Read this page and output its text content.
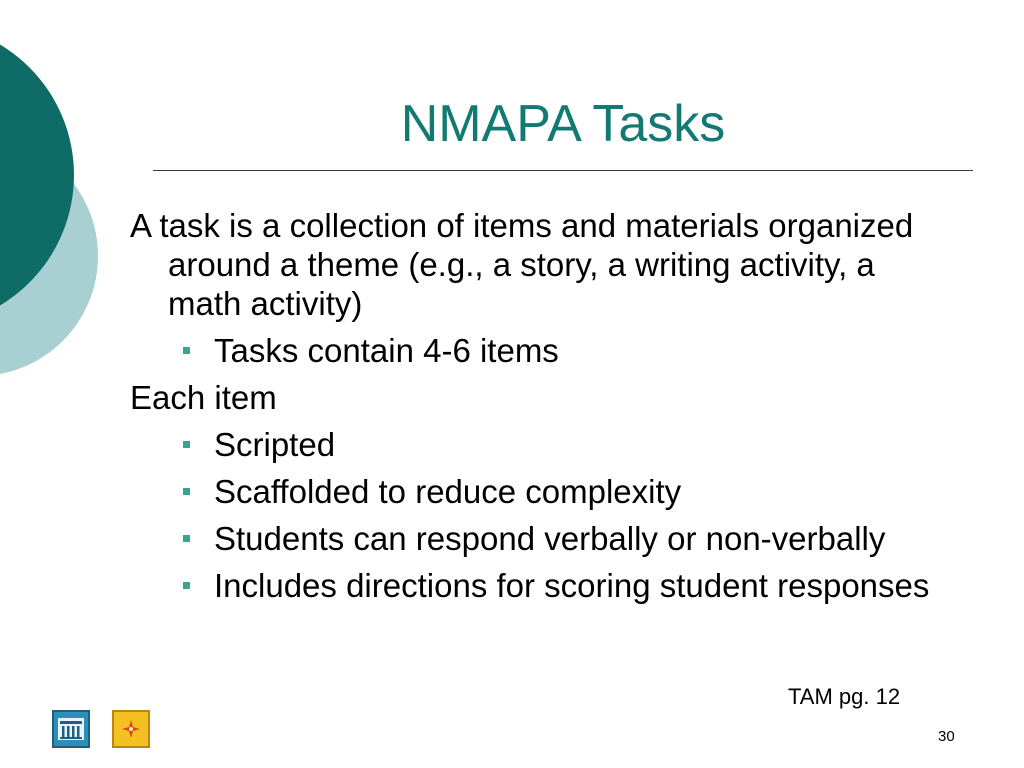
NMAPA Tasks

A task is a collection of items and materials organized around a theme (e.g., a story, a writing activity, a math activity)

Tasks contain 4-6 items

Each item

Scripted
Scaffolded to reduce complexity
Students can respond verbally or non-verbally
Includes directions for scoring student responses
TAM pg. 12
30
